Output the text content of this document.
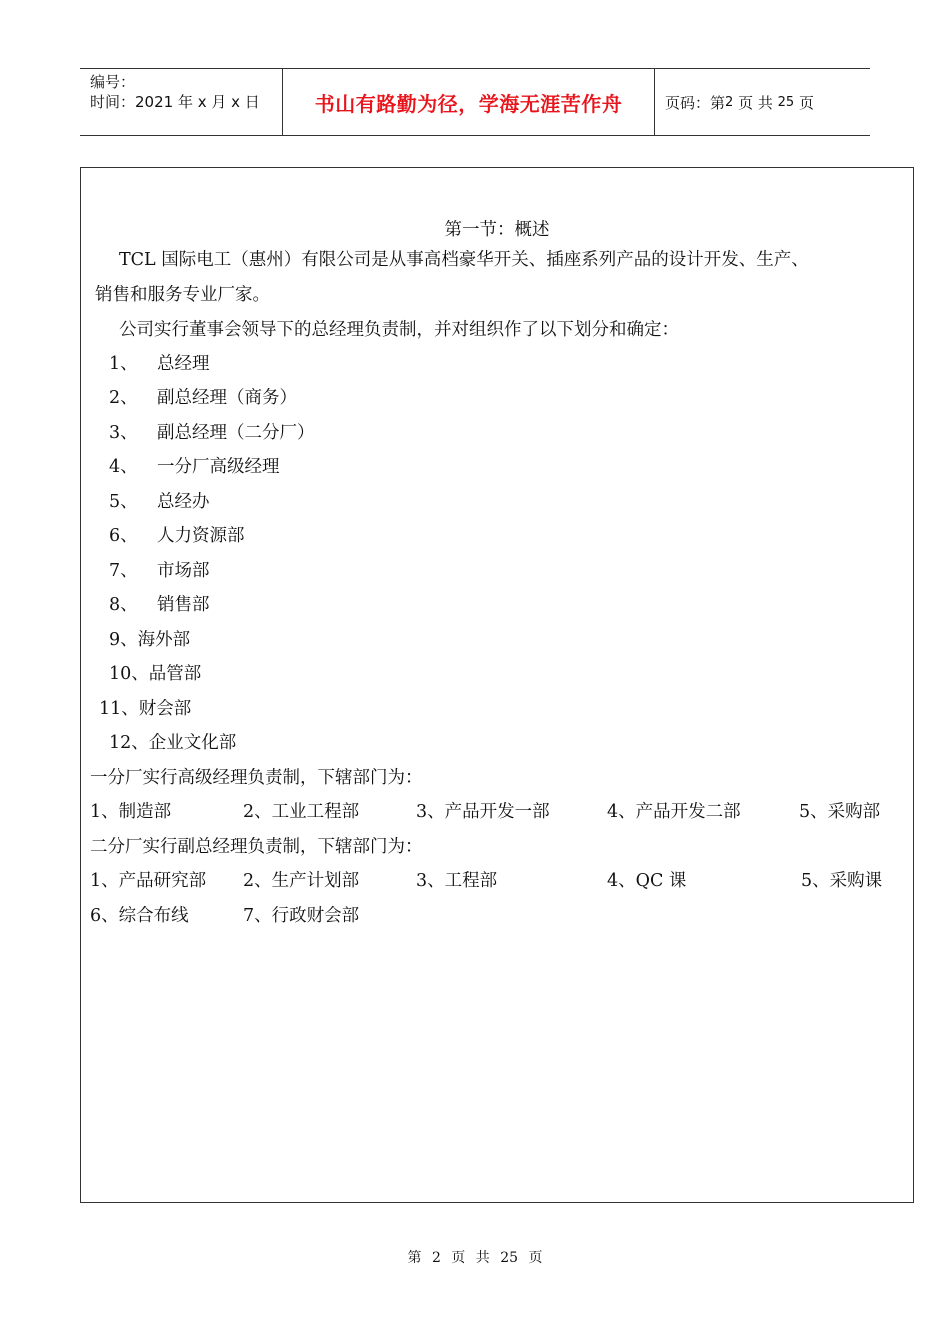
编号：
时间：2021 年 x 月 x 日	书山有路勤为径，学海无涯苦作舟	页码：第 2
页 共
25
页
第一节：概述
TCL 国际电工（惠州）有限公司是从事高档豪华开关、插座系列产品的设计开发、生产、
销售和服务专业厂家。
公司实行董事会领导下的总经理负责制，并对组织作了以下划分和确定：
1、 总经理
2、 副总经理（商务）
3、 副总经理（二分厂）
4、 一分厂高级经理
5、 总经办
6、 人力资源部
7、 市场部
8、 销售部
9、海外部
10、品管部
11、财会部
12、企业文化部
一分厂实行高级经理负责制，下辖部门为：
1、制造部	2、工业工程部	3、产品开发一部	4、产品开发二部	5、采购部
二分厂实行副总经理负责制，下辖部门为：
1、产品研究部 2、生产计划部	3、工程部	4、QC 课	5、采购课
6、综合布线	7、行政财会部
第 2 页 共 25 页
